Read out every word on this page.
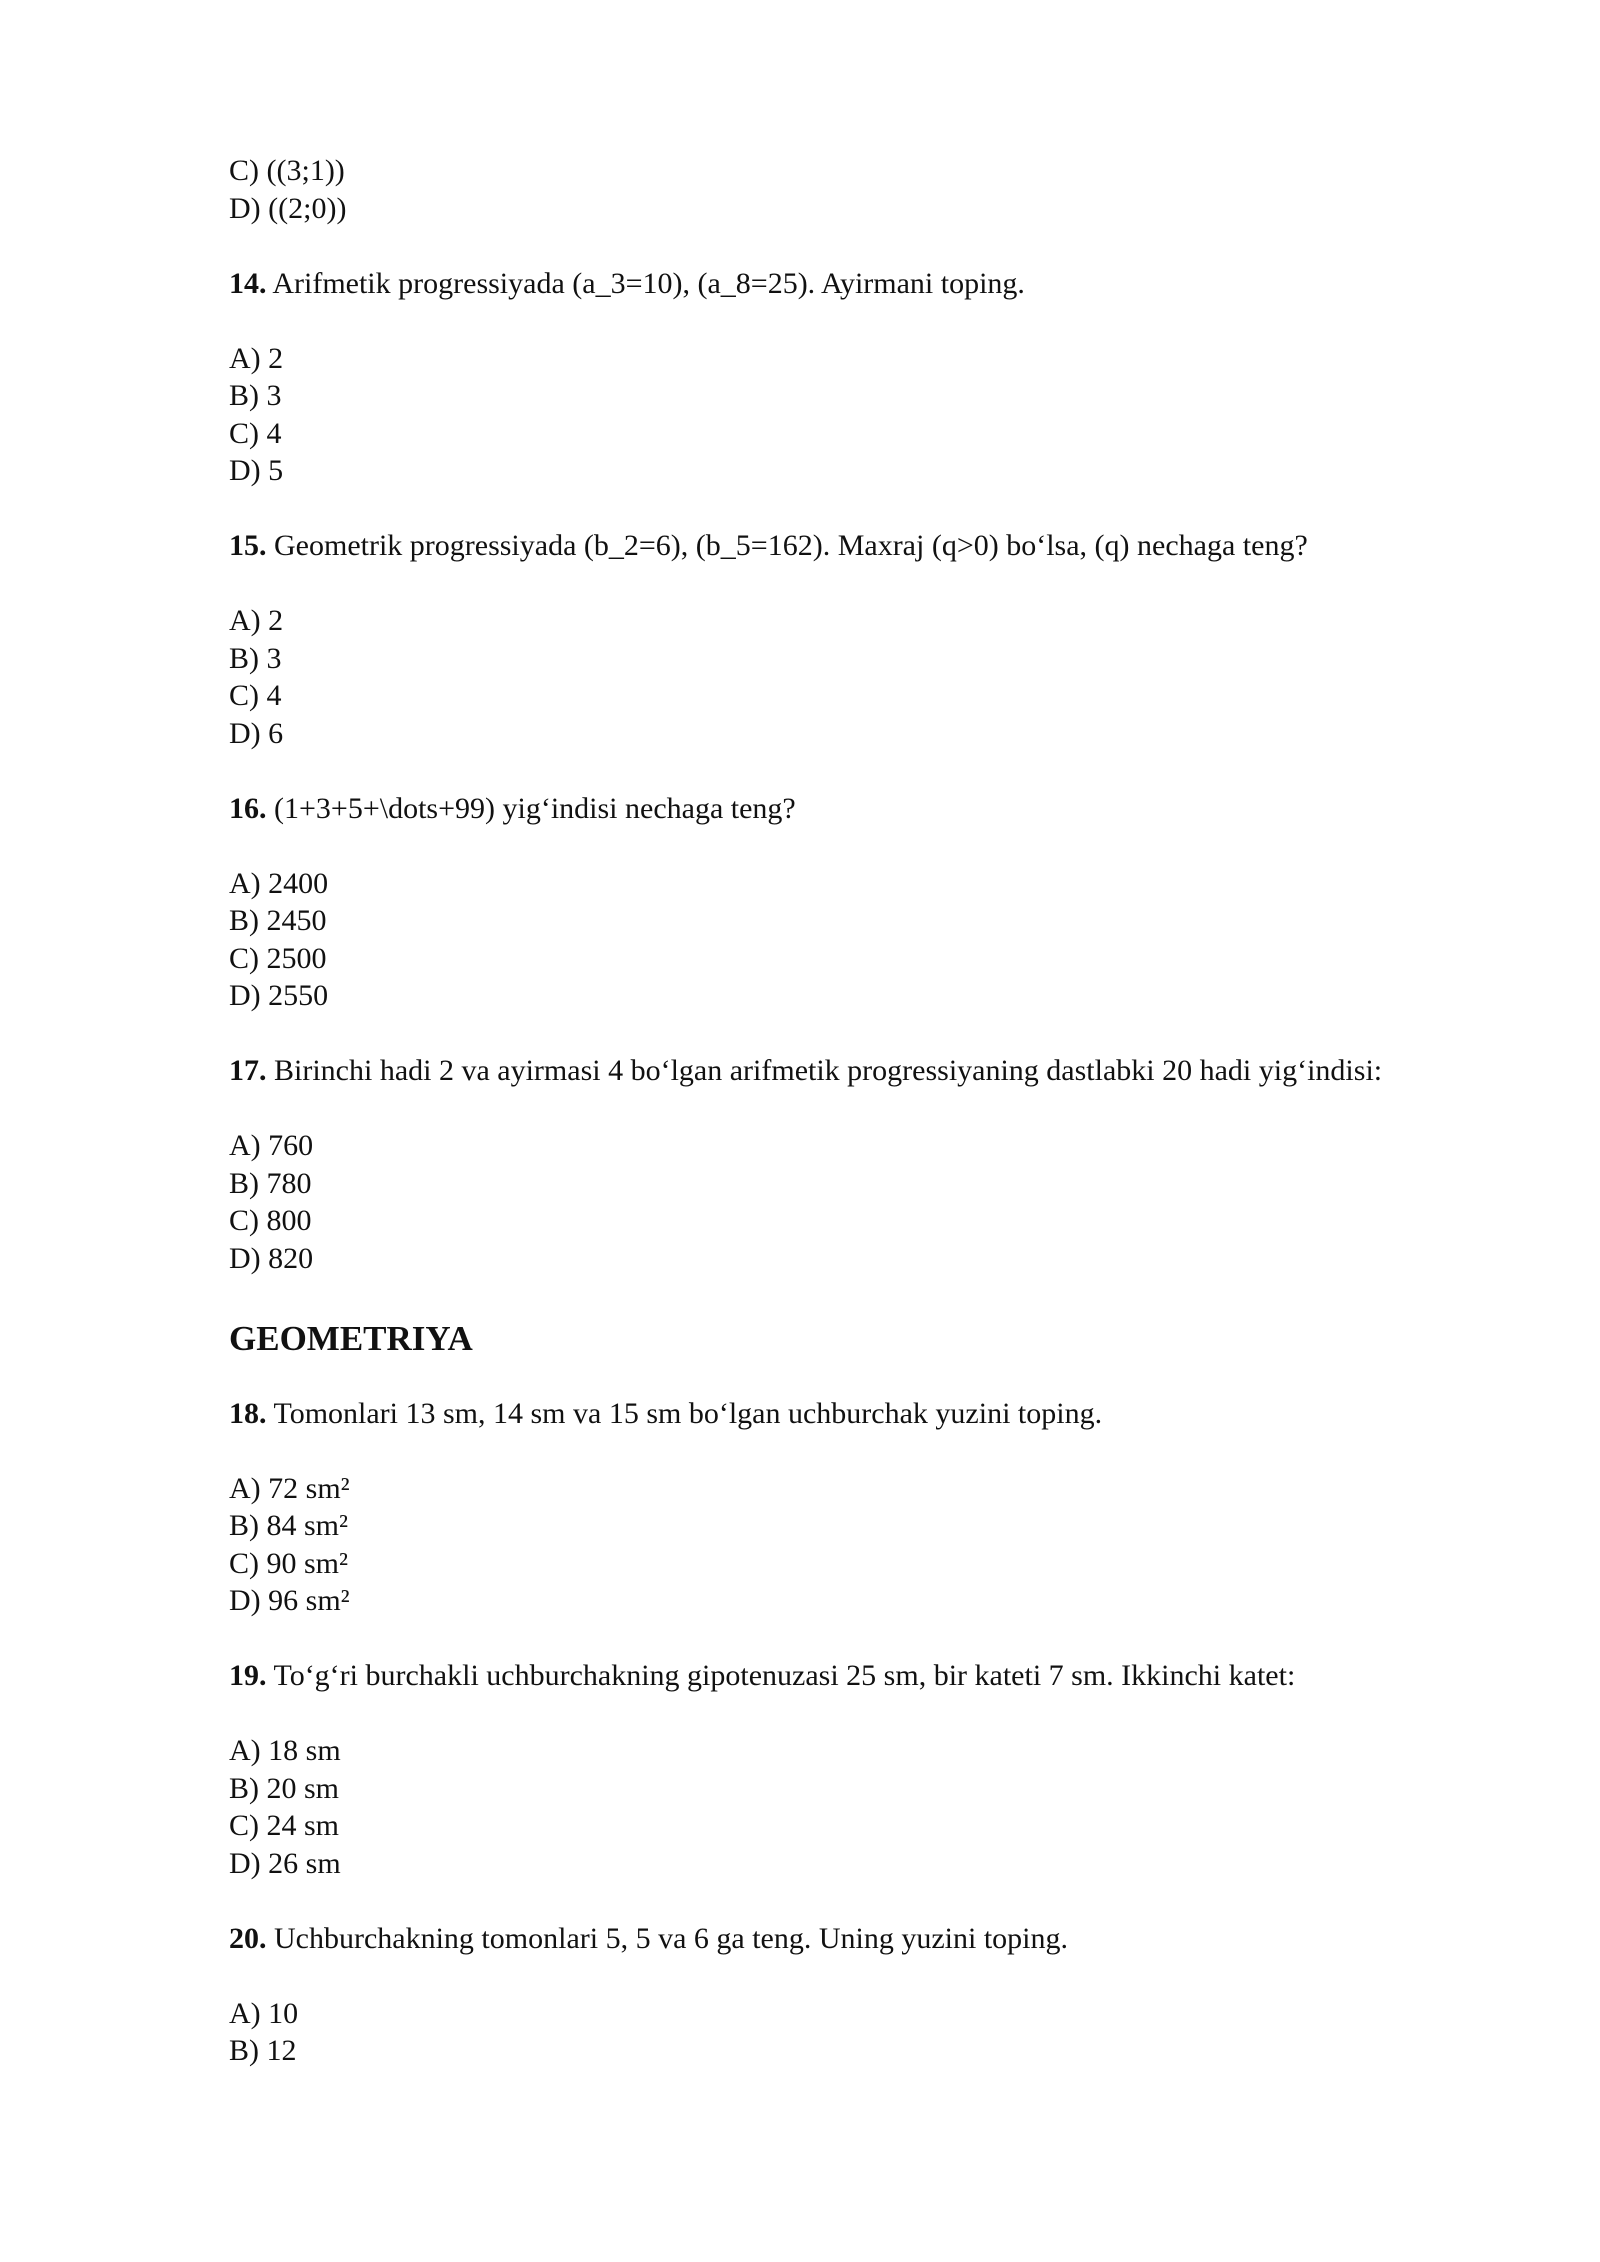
C) ((3;1))
D) ((2;0))
14. Arifmetik progressiyada (a_3=10), (a_8=25). Ayirmani toping.
A) 2
B) 3
C) 4
D) 5
15. Geometrik progressiyada (b_2=6), (b_5=162). Maxraj (q>0) bo‘lsa, (q) nechaga teng?
A) 2
B) 3
C) 4
D) 6
16. (1+3+5+\dots+99) yig‘indisi nechaga teng?
A) 2400
B) 2450
C) 2500
D) 2550
17. Birinchi hadi 2 va ayirmasi 4 bo‘lgan arifmetik progressiyaning dastlabki 20 hadi yig‘indisi:
A) 760
B) 780
C) 800
D) 820
GEOMETRIYA
18. Tomonlari 13 sm, 14 sm va 15 sm bo‘lgan uchburchak yuzini toping.
A) 72 sm²
B) 84 sm²
C) 90 sm²
D) 96 sm²
19. To‘g‘ri burchakli uchburchakning gipotenuzasi 25 sm, bir kateti 7 sm. Ikkinchi katet:
A) 18 sm
B) 20 sm
C) 24 sm
D) 26 sm
20. Uchburchakning tomonlari 5, 5 va 6 ga teng. Uning yuzini toping.
A) 10
B) 12
